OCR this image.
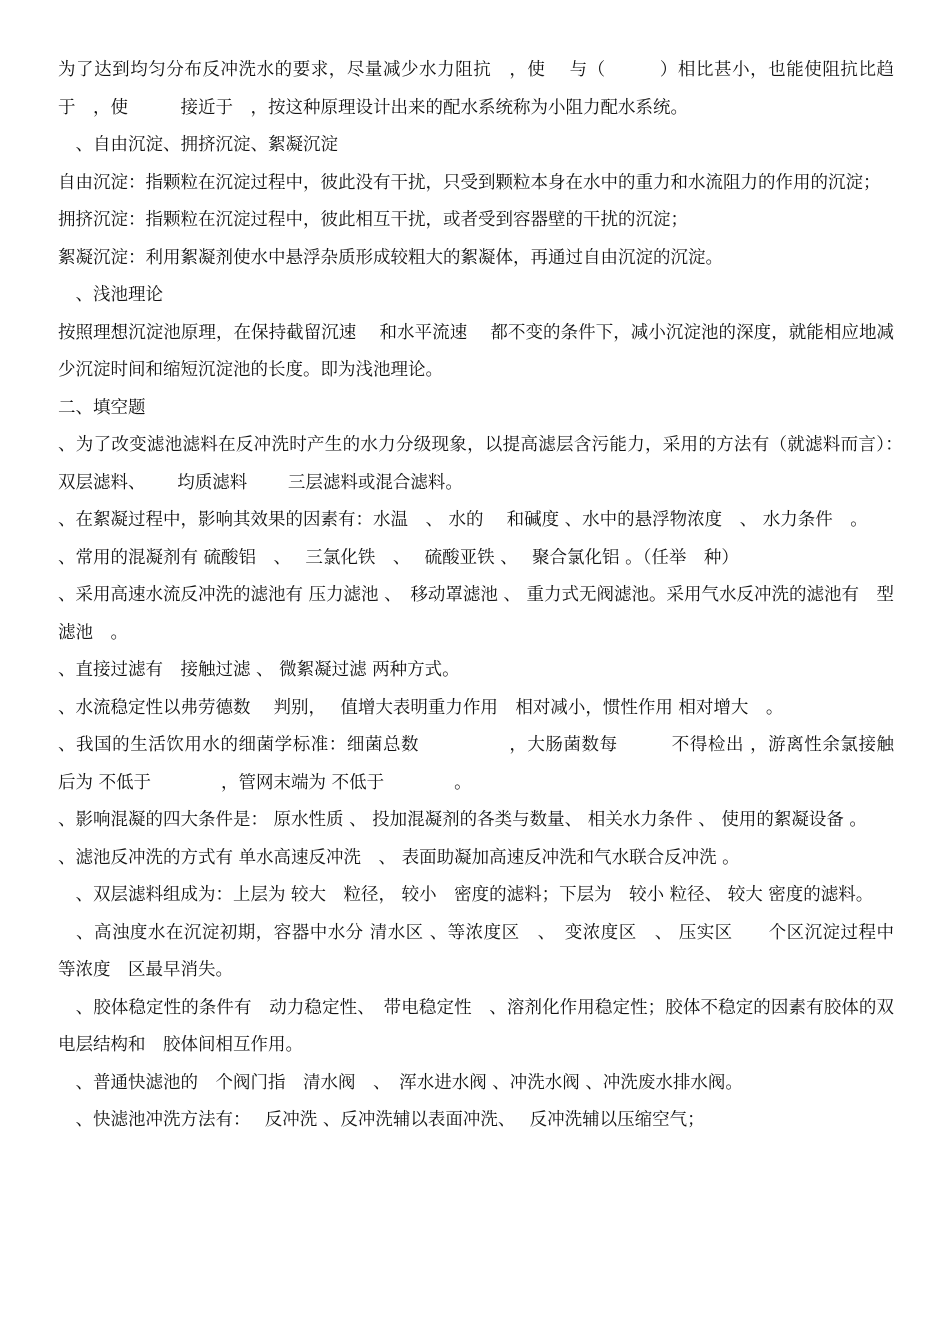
为了达到均匀分布反冲洗水的要求，尽量减少水力阻抗　，使　 与（　　　）相比甚小，也能使阻抗比趋于　，使　　　接近于　，按这种原理设计出来的配水系统称为小阻力配水系统。

　、自由沉淀、拥挤沉淀、絮凝沉淀

自由沉淀：指颗粒在沉淀过程中，彼此没有干扰，只受到颗粒本身在水中的重力和水流阻力的作用的沉淀；

拥挤沉淀：指颗粒在沉淀过程中，彼此相互干扰，或者受到容器壁的干扰的沉淀；

絮凝沉淀：利用絮凝剂使水中悬浮杂质形成较粗大的絮凝体，再通过自由沉淀的沉淀。

　、浅池理论

按照理想沉淀池原理，在保持截留沉速　 和水平流速　 都不变的条件下，减小沉淀池的深度，就能相应地减少沉淀时间和缩短沉淀池的长度。即为浅池理论。

二、填空题

、为了改变滤池滤料在反冲洗时产生的水力分级现象，以提高滤层含污能力，采用的方法有（就滤料而言）：　　 双层滤料、　　 均质滤料　　 三层滤料或混合滤料。

、在絮凝过程中，影响其效果的因素有：水温　、 水的　 和碱度 、水中的悬浮物浓度　、 水力条件　。

、常用的混凝剂有 硫酸铝　、　 三氯化铁　、　 硫酸亚铁 、　 聚合氯化铝 。（任举　种）

、采用高速水流反冲洗的滤池有 压力滤池 、　移动罩滤池 、 重力式无阀滤池。采用气水反冲洗的滤池有　型滤池　。

、直接过滤有　接触过滤 、 微絮凝过滤 两种方式。

、水流稳定性以弗劳德数　 判别，　 值增大表明重力作用　相对减小，惯性作用 相对增大　。

、我国的生活饮用水的细菌学标准：细菌总数　　　　　，大肠菌数每　　　不得检出 ，游离性余氯接触　　　后为 不低于　　　　，管网末端为 不低于　　　　。

、影响混凝的四大条件是： 原水性质 、 投加混凝剂的各类与数量、 相关水力条件 、 使用的絮凝设备 。

、滤池反冲洗的方式有 单水高速反冲洗　、 表面助凝加高速反冲洗和气水联合反冲洗 。

　、双层滤料组成为：上层为 较大　粒径， 较小　密度的滤料；下层为　较小 粒径、 较大 密度的滤料。

　、高浊度水在沉淀初期，容器中水分 清水区 、等浓度区　、　变浓度区　、 压实区　　个区沉淀过程中　等浓度　区最早消失。

　、胶体稳定性的条件有　动力稳定性、　带电稳定性　、溶剂化作用稳定性；胶体不稳定的因素有胶体的双电层结构和　胶体间相互作用。

　、普通快滤池的　个阀门指　清水阀　、　浑水进水阀 、冲洗水阀 、冲洗废水排水阀。

　、快滤池冲洗方法有：　 反冲洗 、反冲洗辅以表面冲洗、　 反冲洗辅以压缩空气；
